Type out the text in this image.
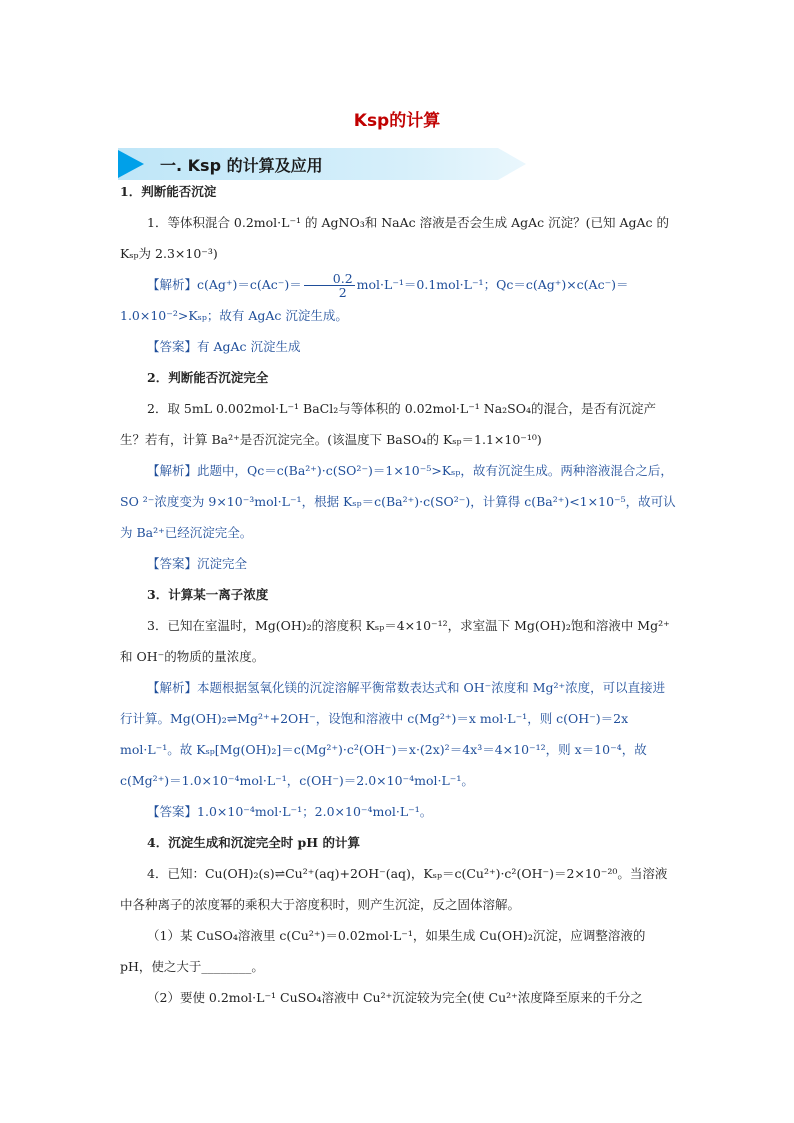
Ksp的计算
一. Ksp 的计算及应用

1．判断能否沉淀

1．等体积混合 0.2mol·L⁻¹ 的 AgNO₃和 NaAc 溶液是否会生成 AgAc 沉淀？(已知 AgAc 的 Kₛₚ为 2.3×10⁻³)

【解析】$c(Ag^+)=c(Ac^-)= \frac{0.2}{2} mol\cdot L^{-1}=0.1mol\cdot L^{-1}$；Qc＝c(Ag⁺)×c(Ac⁻)＝1.0×10⁻²>Kₛₚ；故有 AgAc 沉淀生成。

【答案】有 AgAc 沉淀生成

2．判断能否沉淀完全

2．取 5mL 0.002mol·L⁻¹ BaCl₂与等体积的 0.02mol·L⁻¹ Na₂SO₄的混合，是否有沉淀产生？若有，计算 Ba²⁺是否沉淀完全。(该温度下 BaSO₄的 Kₛₚ＝1.1×10⁻¹⁰)

【解析】此题中，Qc＝c(Ba²⁺)·c(SO²⁻)＝1×10⁻⁵>Kₛₚ，故有沉淀生成。两种溶液混合之后，SO ²⁻浓度变为 9×10⁻³mol·L⁻¹，根据 Kₛₚ＝c(Ba²⁺)·c(SO²⁻)，计算得 c(Ba²⁺)<1×10⁻⁵，故可认为 Ba²⁺已经沉淀完全。

【答案】沉淀完全

3．计算某一离子浓度

3．已知在室温时，Mg(OH)₂的溶度积 Kₛₚ＝4×10⁻¹²，求室温下 Mg(OH)₂饱和溶液中 Mg²⁺和 OH⁻的物质的量浓度。

【解析】本题根据氢氧化镁的沉淀溶解平衡常数表达式和 OH⁻浓度和 Mg²⁺浓度，可以直接进行计算。Mg(OH)₂⇌Mg²⁺+2OH⁻，设饱和溶液中 c(Mg²⁺)＝x mol·L⁻¹，则 c(OH⁻)＝2x mol·L⁻¹。故 Kₛₚ[Mg(OH)₂]＝c(Mg²⁺)·c²(OH⁻)＝x·(2x)²＝4x³＝4×10⁻¹²，则 x＝10⁻⁴，故 c(Mg²⁺)＝1.0×10⁻⁴mol·L⁻¹，c(OH⁻)＝2.0×10⁻⁴mol·L⁻¹。

【答案】1.0×10⁻⁴mol·L⁻¹；2.0×10⁻⁴mol·L⁻¹。

4．沉淀生成和沉淀完全时 pH 的计算

4．已知：Cu(OH)₂(s)⇌Cu²⁺(aq)+2OH⁻(aq)，Kₛₚ＝c(Cu²⁺)·c²(OH⁻)＝2×10⁻²⁰。当溶液中各种离子的浓度幂的乘积大于溶度积时，则产生沉淀，反之固体溶解。

（1）某 CuSO₄溶液里 c(Cu²⁺)＝0.02mol·L⁻¹，如果生成 Cu(OH)₂沉淀，应调整溶液的 pH，使之大于________。

（2）要使 0.2mol·L⁻¹ CuSO₄溶液中 Cu²⁺沉淀较为完全(使 Cu²⁺浓度降至原来的千分之
